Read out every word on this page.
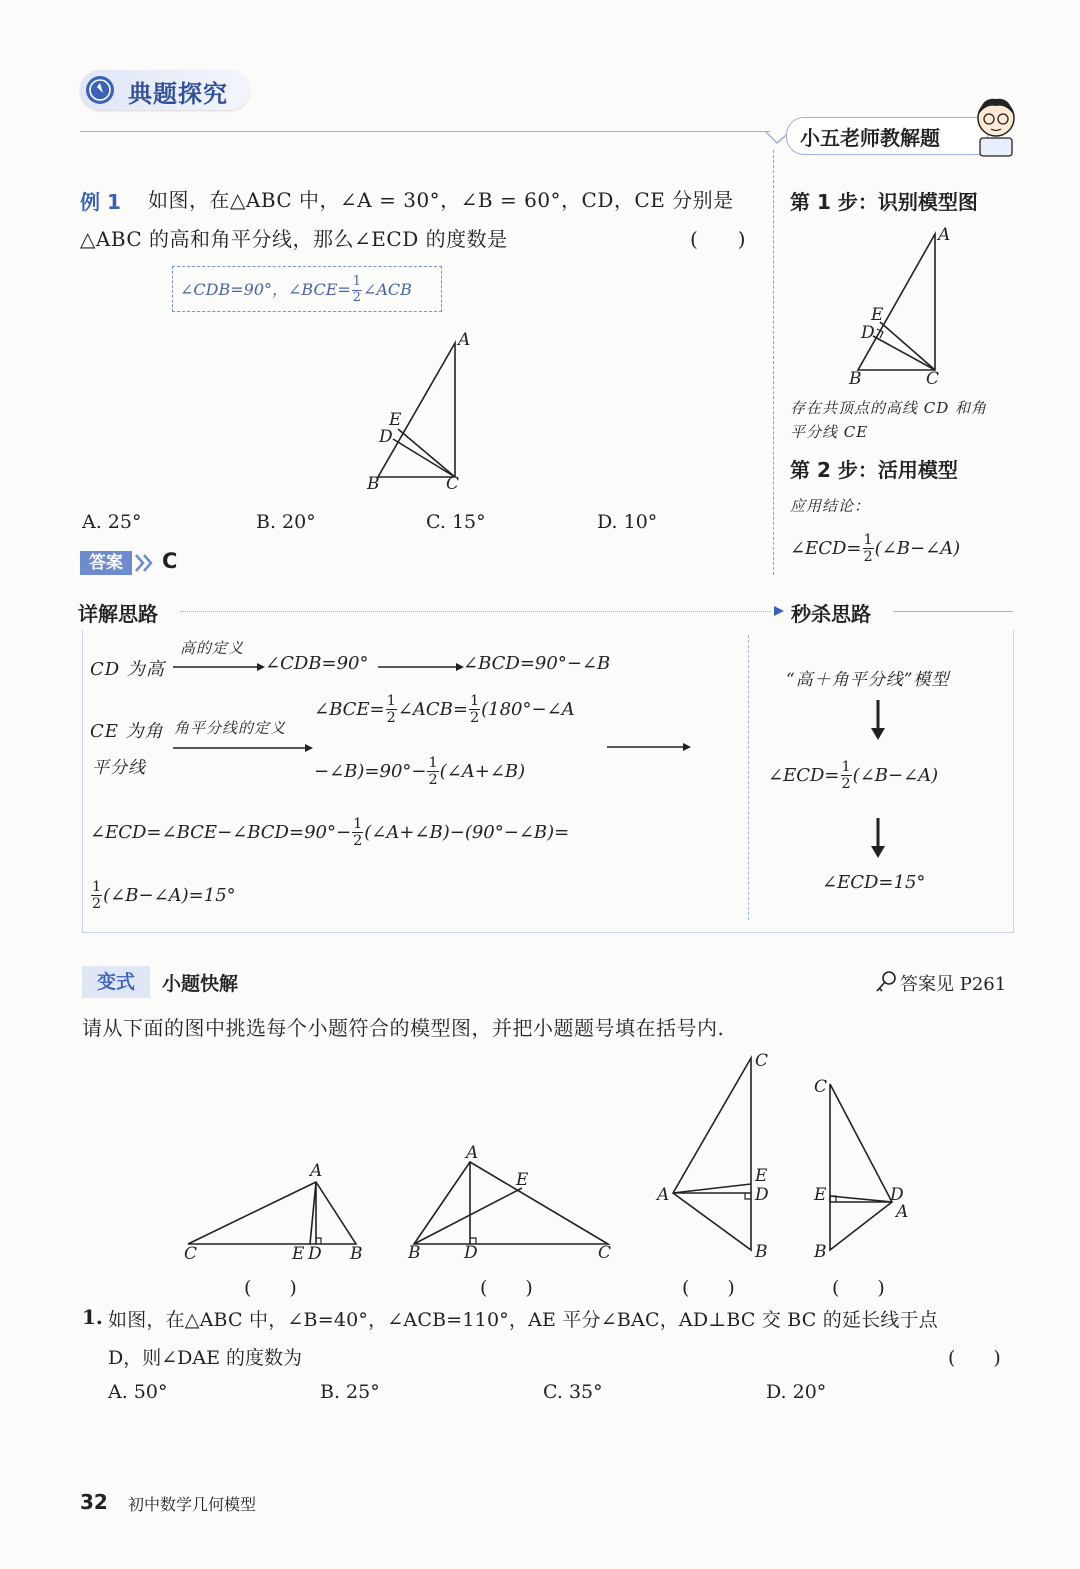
典题探究
小五老师教解题
例 1 如图，在△ABC 中，∠A = 30°，∠B = 60°，CD，CE 分别是
△ABC 的高和角平分线，那么∠ECD 的度数是	(　　)
∠CDB=90°，∠BCE= $\frac{1}{2}$ ∠ACB
A
B	C
E
D
A. 25°	B. 20°	C. 15°	D. 10°
答案	C
第 1 步：识别模型图
A
B	C
E
D
存在共顶点的高线 CD 和角
平分线 CE
第 2 步：活用模型
应用结论：
∠ECD= $\frac{1}{2}$ (∠B−∠A)
详解思路	秒杀思路
CD 为高
高的定义
∠CDB=90°	∠BCD=90°−∠B
CE 为角
平分线
角平分线的定义
∠BCE= $\frac{1}{2}$ ∠ACB= $\frac{1}{2}$ (180°−∠A
−∠B)=90°− $\frac{1}{2}$ (∠A+∠B)
∠ECD=∠BCE−∠BCD=90°− $\frac{1}{2}$ (∠A+∠B)−(90°−∠B)=
$\frac{1}{2}$ (∠B−∠A)=15°
“高＋角平分线”模型
∠ECD= $\frac{1}{2}$ (∠B−∠A)
∠ECD=15°
变式	小题快解	答案见 P261
请从下面的图中挑选每个小题符合的模型图，并把小题题号填在括号内.
A
C	E D B
A
E
B	D	C
C
E
D
A
B
C
E	D
A
B
(　　)	(　　)	(　　)	(　　)
1. 如图，在△ABC 中，∠B=40°，∠ACB=110°，AE 平分∠BAC，AD⊥BC 交 BC 的延长线于点
D，则∠DAE 的度数为	(　　)
A. 50°	B. 25°	C. 35°	D. 20°
32 初中数学几何模型
